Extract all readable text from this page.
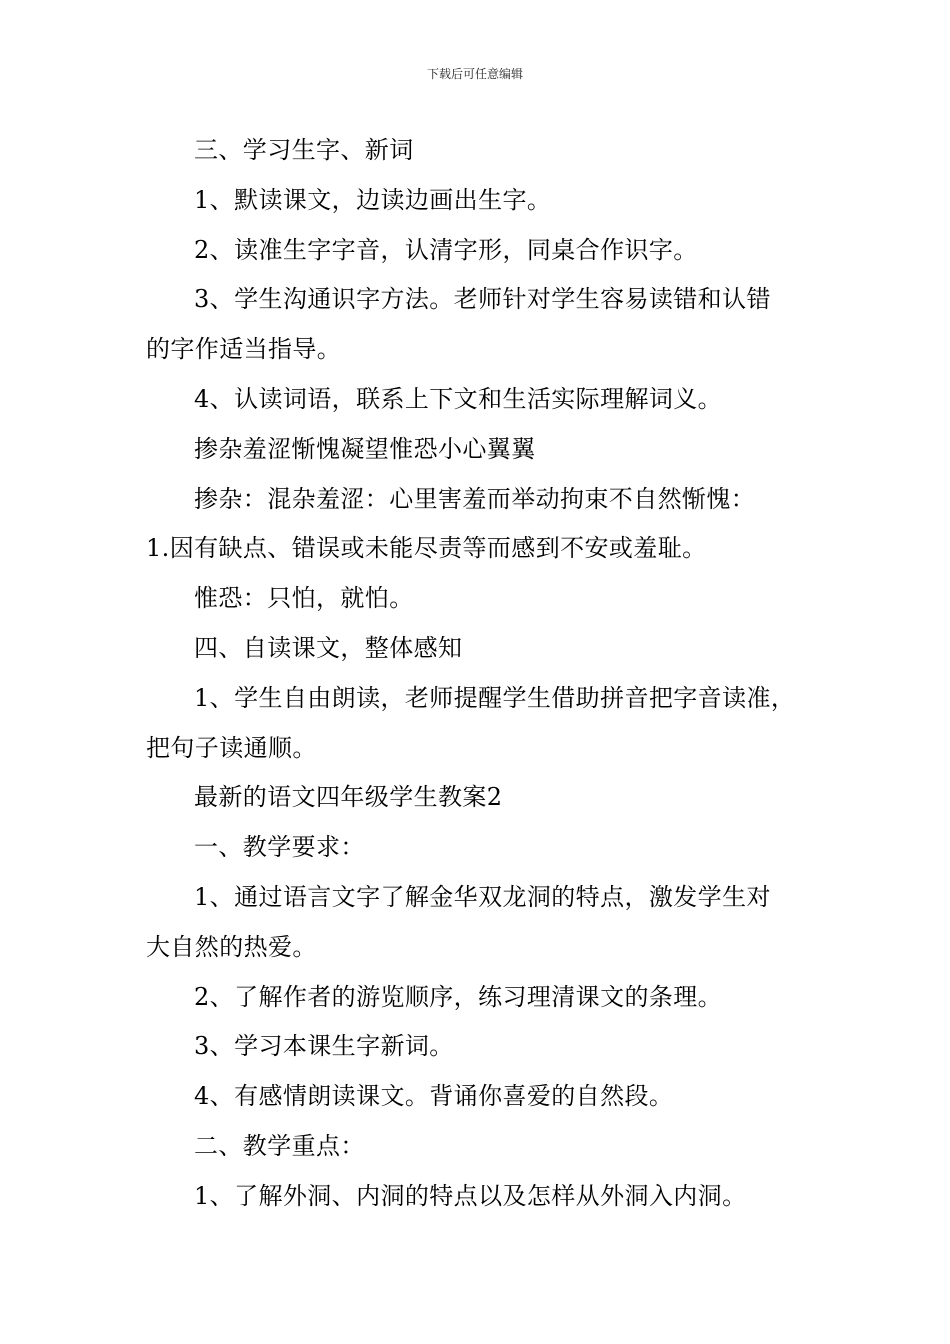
下载后可任意编辑
三、学习生字、新词
1、默读课文，边读边画出生字。
2、读准生字字音，认清字形，同桌合作识字。
3、学生沟通识字方法。老师针对学生容易读错和认错
的字作适当指导。
4、认读词语，联系上下文和生活实际理解词义。
掺杂羞涩惭愧凝望惟恐小心翼翼
掺杂：混杂羞涩：心里害羞而举动拘束不自然惭愧：
1.因有缺点、错误或未能尽责等而感到不安或羞耻。
惟恐：只怕，就怕。
四、自读课文，整体感知
1、学生自由朗读，老师提醒学生借助拼音把字音读准，
把句子读通顺。
最新的语文四年级学生教案2
一、教学要求：
1、通过语言文字了解金华双龙洞的特点，激发学生对
大自然的热爱。
2、了解作者的游览顺序，练习理清课文的条理。
3、学习本课生字新词。
4、有感情朗读课文。背诵你喜爱的自然段。
二、教学重点：
1、了解外洞、内洞的特点以及怎样从外洞入内洞。
